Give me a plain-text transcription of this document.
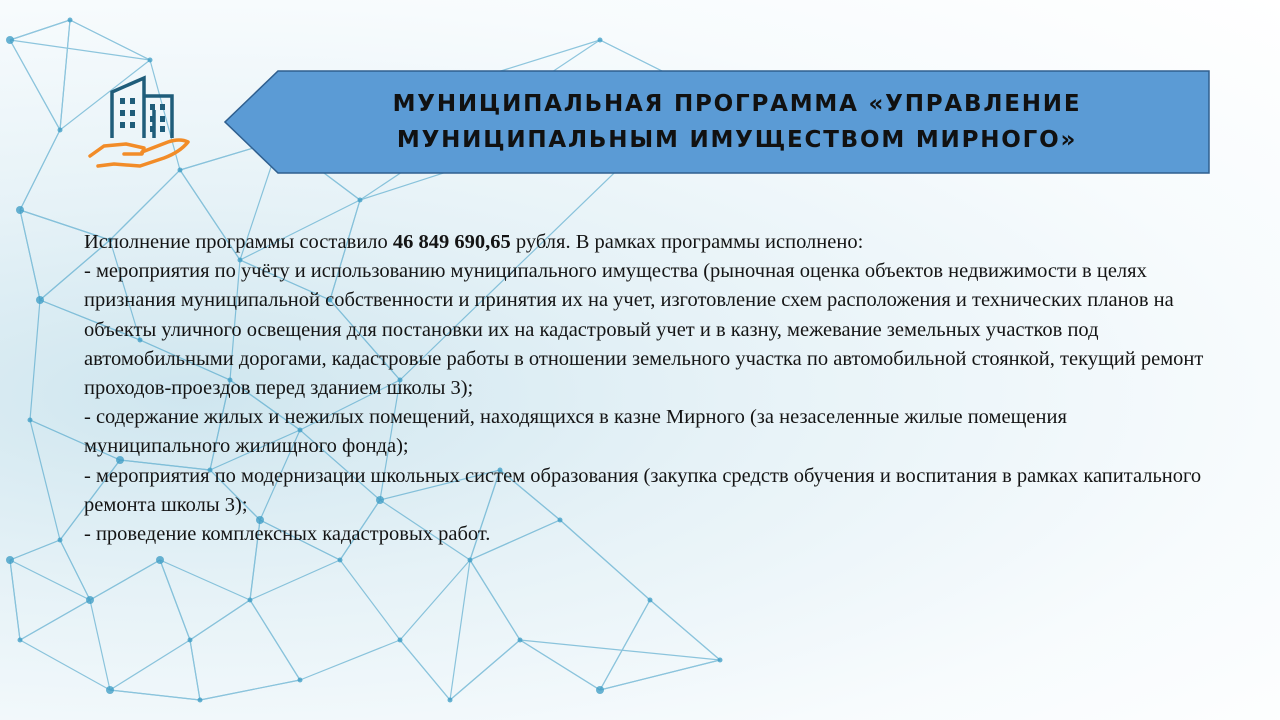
МУНИЦИПАЛЬНАЯ ПРОГРАММА «УПРАВЛЕНИЕ
МУНИЦИПАЛЬНЫМ ИМУЩЕСТВОМ МИРНОГО»

Исполнение программы составило 46 849 690,65 рубля. В рамках программы исполнено:

- мероприятия по учёту и использованию муниципального имущества (рыночная оценка объектов недвижимости в целях признания муниципальной собственности и принятия их на учет, изготовление схем расположения и технических планов на объекты уличного освещения для постановки их на кадастровый учет и в казну, межевание земельных участков под автомобильными дорогами, кадастровые работы в отношении земельного участка по автомобильной стоянкой, текущий ремонт проходов-проездов перед зданием школы 3);

- содержание жилых и нежилых помещений, находящихся в казне Мирного (за незаселенные жилые помещения муниципального жилищного фонда);

- мероприятия по модернизации школьных систем образования (закупка средств обучения и воспитания в рамках капитального ремонта школы 3);

- проведение комплексных кадастровых работ.
